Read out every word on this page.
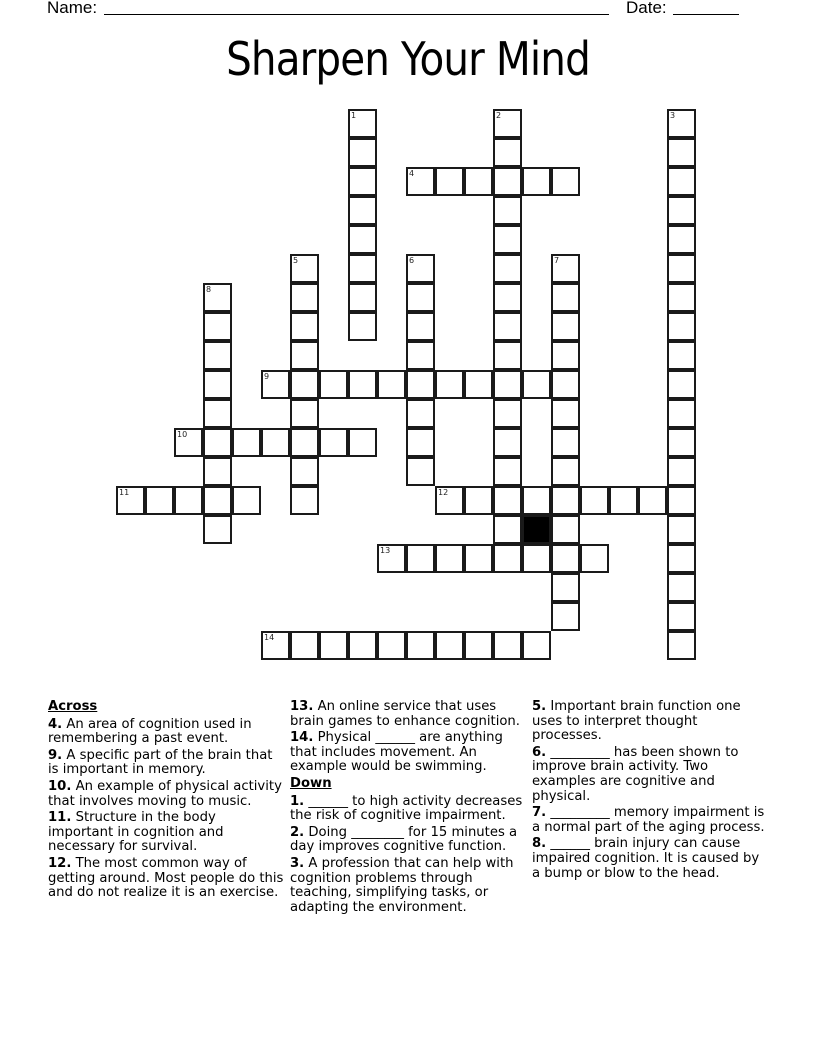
Name:	Date:
Sharpen Your Mind
1	2	3
4
5	6	7
8
9
10
11	12
13
14
Across
4. An area of cognition used in remembering a past event.
9. A specific part of the brain that is important in memory.
10. An example of physical activity that involves moving to music.
11. Structure in the body important in cognition and necessary for survival.
12. The most common way of getting around. Most people do this and do not realize it is an exercise.
13. An online service that uses brain games to enhance cognition.
14. Physical ______ are anything that includes movement. An example would be swimming.
Down
1. ______ to high activity decreases the risk of cognitive impairment.
2. Doing ________ for 15 minutes a day improves cognitive function.
3. A profession that can help with cognition problems through teaching, simplifying tasks, or adapting the environment.
5. Important brain function one uses to interpret thought processes.
6. _________ has been shown to improve brain activity. Two examples are cognitive and physical.
7. _________ memory impairment is a normal part of the aging process.
8. ______ brain injury can cause impaired cognition. It is caused by a bump or blow to the head.
